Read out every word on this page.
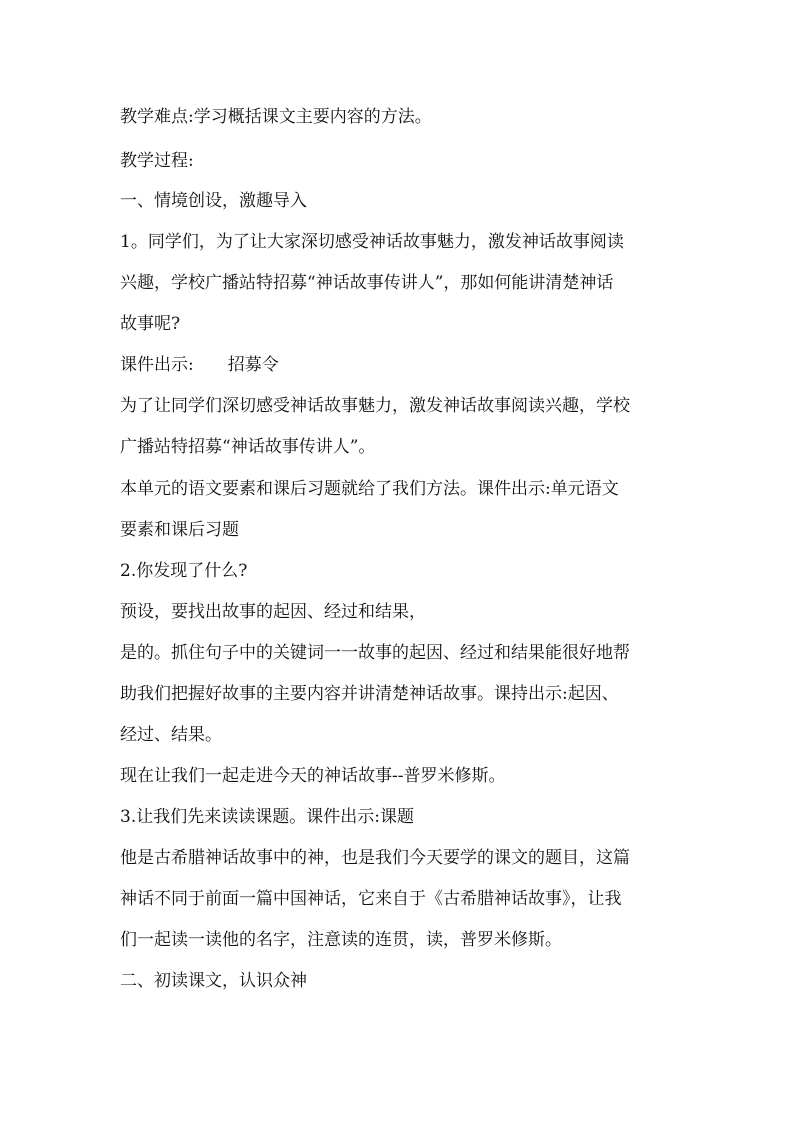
教学难点:学习概括课文主要内容的方法。
教学过程:
一、情境创设，激趣导入
1。同学们，为了让大家深切感受神话故事魅力，激发神话故事阅读
兴趣，学校广播站特招募“神话故事传讲人”，那如何能讲清楚神话
故事呢?
课件出示: 招募令
为了让同学们深切感受神话故事魅力，激发神话故事阅读兴趣，学校
广播站特招募“神话故事传讲人”。
本单元的语文要素和课后习题就给了我们方法。课件出示:单元语文
要素和课后习题
2.你发现了什么?
预设，要找出故事的起因、经过和结果，
是的。抓住句子中的关键词一一故事的起因、经过和结果能很好地帮
助我们把握好故事的主要内容并讲清楚神话故事。课持出示:起因、
经过、结果。
现在让我们一起走进今天的神话故事--普罗米修斯。
3.让我们先来读读课题。课件出示:课题
他是古希腊神话故事中的神，也是我们今天要学的课文的题目，这篇
神话不同于前面一篇中国神话，它来自于《古希腊神话故事》，让我
们一起读一读他的名字，注意读的连贯，读，普罗米修斯。
二、初读课文，认识众神
